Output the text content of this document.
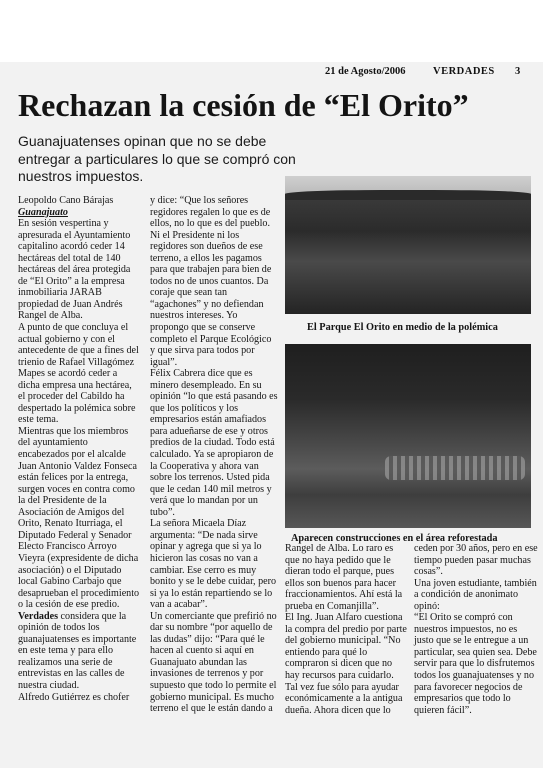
21 de Agosto/2006	VERDADES 3
Rechazan la cesión de “El Orito”
Guanajuatenses opinan que no se debe entregar a particulares lo que se compró con nuestros impuestos.

Leopoldo Cano Bárajas

Guanajuato

En sesión vespertina y apresurada el Ayuntamiento capitalino acordó ceder 14 hectáreas del total de 140 hectáreas del área protegida de “El Orito” a la empresa inmobiliaria JARAB propiedad de Juan Andrés Rangel de Alba.

A punto de que concluya el actual gobierno y con el antecedente de que a fines del trienio de Rafael Villagómez Mapes se acordó ceder a dicha empresa una hectárea, el proceder del Cabildo ha despertado la polémica sobre este tema.

Mientras que los miembros del ayuntamiento encabezados por el alcalde Juan Antonio Valdez Fonseca están felices por la entrega, surgen voces en contra como la del Presidente de la Asociación de Amigos del Orito, Renato Iturriaga, el Diputado Federal y Senador Electo Francisco Arroyo Vieyra (expresidente de dicha asociación) o el Diputado local Gabino Carbajo que desaprueban el procedimiento o la cesión de ese predio.

Verdades considera que la opinión de todos los guanajuatenses es importante en este tema y para ello realizamos una serie de entrevistas en las calles de nuestra ciudad.

Alfredo Gutiérrez es chofer

y dice: “Que los señores regidores regalen lo que es de ellos, no lo que es del pueblo. Ni el Presidente ni los regidores son dueños de ese terreno, a ellos les pagamos para que trabajen para bien de todos no de unos cuantos. Da coraje que sean tan “agachones” y no defiendan nuestros intereses. Yo propongo que se conserve completo el Parque Ecológico y que sirva para todos por igual”.

Félix Cabrera dice que es minero desempleado. En su opinión “lo que está pasando es que los políticos y los empresarios están amafiados para adueñarse de ese y otros predios de la ciudad. Todo está calculado. Ya se apropiaron de la Cooperativa y ahora van sobre los terrenos. Usted pida que le cedan 140 mil metros y verá que lo mandan por un tubo”.

La señora Micaela Díaz argumenta: “De nada sirve opinar y agrega que si ya lo hicieron las cosas no van a cambiar. Ese cerro es muy bonito y se le debe cuidar, pero si ya lo están repartiendo se lo van a acabar”.

Un comerciante que prefirió no dar su nombre “por aquello de las dudas” dijo: “Para qué le hacen al cuento si aquí en Guanajuato abundan las invasiones de terrenos y por supuesto que todo lo permite el gobierno municipal. Es mucho terreno el que le están dando a

El Parque El Orito en medio de la polémica
Aparecen construcciones en el área reforestada

Rangel de Alba. Lo raro es que no haya pedido que le dieran todo el parque, pues ellos son buenos para hacer fraccionamientos. Ahí está la prueba en Comanjilla”.

El Ing. Juan Alfaro cuestiona la compra del predio por parte del gobierno municipal. “No entiendo para qué lo compraron si dicen que no hay recursos para cuidarlo. Tal vez fue sólo para ayudar económicamente a la antigua dueña. Ahora dicen que lo

ceden por 30 años, pero en ese tiempo pueden pasar muchas cosas”.

Una joven estudiante, también a condición de anonimato opinó:

“El Orito se compró con nuestros impuestos, no es justo que se le entregue a un particular, sea quien sea. Debe servir para que lo disfrutemos todos los guanajuatenses y no para favorecer negocios de empresarios que todo lo quieren fácil”.
